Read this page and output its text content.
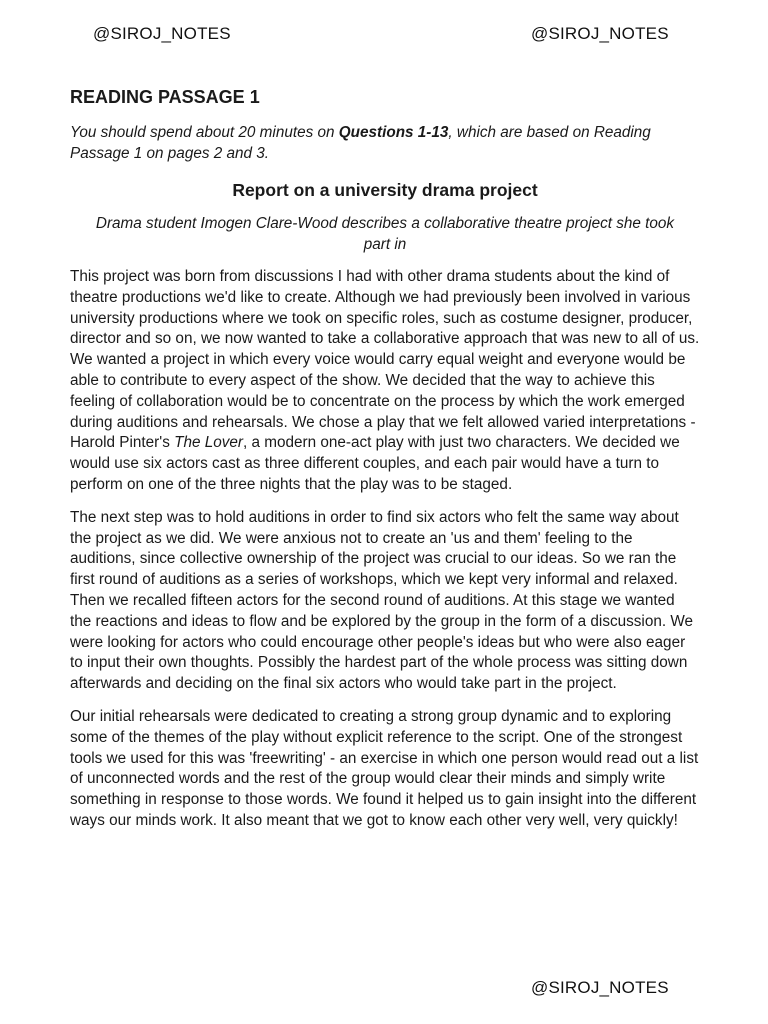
@SIROJ_NOTES	@SIROJ_NOTES
READING PASSAGE 1

You should spend about 20 minutes on Questions 1-13, which are based on Reading Passage 1 on pages 2 and 3.

Report on a university drama project

Drama student Imogen Clare-Wood describes a collaborative theatre project she took part in

This project was born from discussions I had with other drama students about the kind of theatre productions we'd like to create. Although we had previously been involved in various university productions where we took on specific roles, such as costume designer, producer, director and so on, we now wanted to take a collaborative approach that was new to all of us. We wanted a project in which every voice would carry equal weight and everyone would be able to contribute to every aspect of the show. We decided that the way to achieve this feeling of collaboration would be to concentrate on the process by which the work emerged during auditions and rehearsals. We chose a play that we felt allowed varied interpretations - Harold Pinter's The Lover, a modern one-act play with just two characters. We decided we would use six actors cast as three different couples, and each pair would have a turn to perform on one of the three nights that the play was to be staged.

The next step was to hold auditions in order to find six actors who felt the same way about the project as we did. We were anxious not to create an 'us and them' feeling to the auditions, since collective ownership of the project was crucial to our ideas. So we ran the first round of auditions as a series of workshops, which we kept very informal and relaxed. Then we recalled fifteen actors for the second round of auditions. At this stage we wanted the reactions and ideas to flow and be explored by the group in the form of a discussion. We were looking for actors who could encourage other people's ideas but who were also eager to input their own thoughts. Possibly the hardest part of the whole process was sitting down afterwards and deciding on the final six actors who would take part in the project.

Our initial rehearsals were dedicated to creating a strong group dynamic and to exploring some of the themes of the play without explicit reference to the script. One of the strongest tools we used for this was 'freewriting' - an exercise in which one person would read out a list of unconnected words and the rest of the group would clear their minds and simply write something in response to those words. We found it helped us to gain insight into the different ways our minds work. It also meant that we got to know each other very well, very quickly!

@SIROJ_NOTES
